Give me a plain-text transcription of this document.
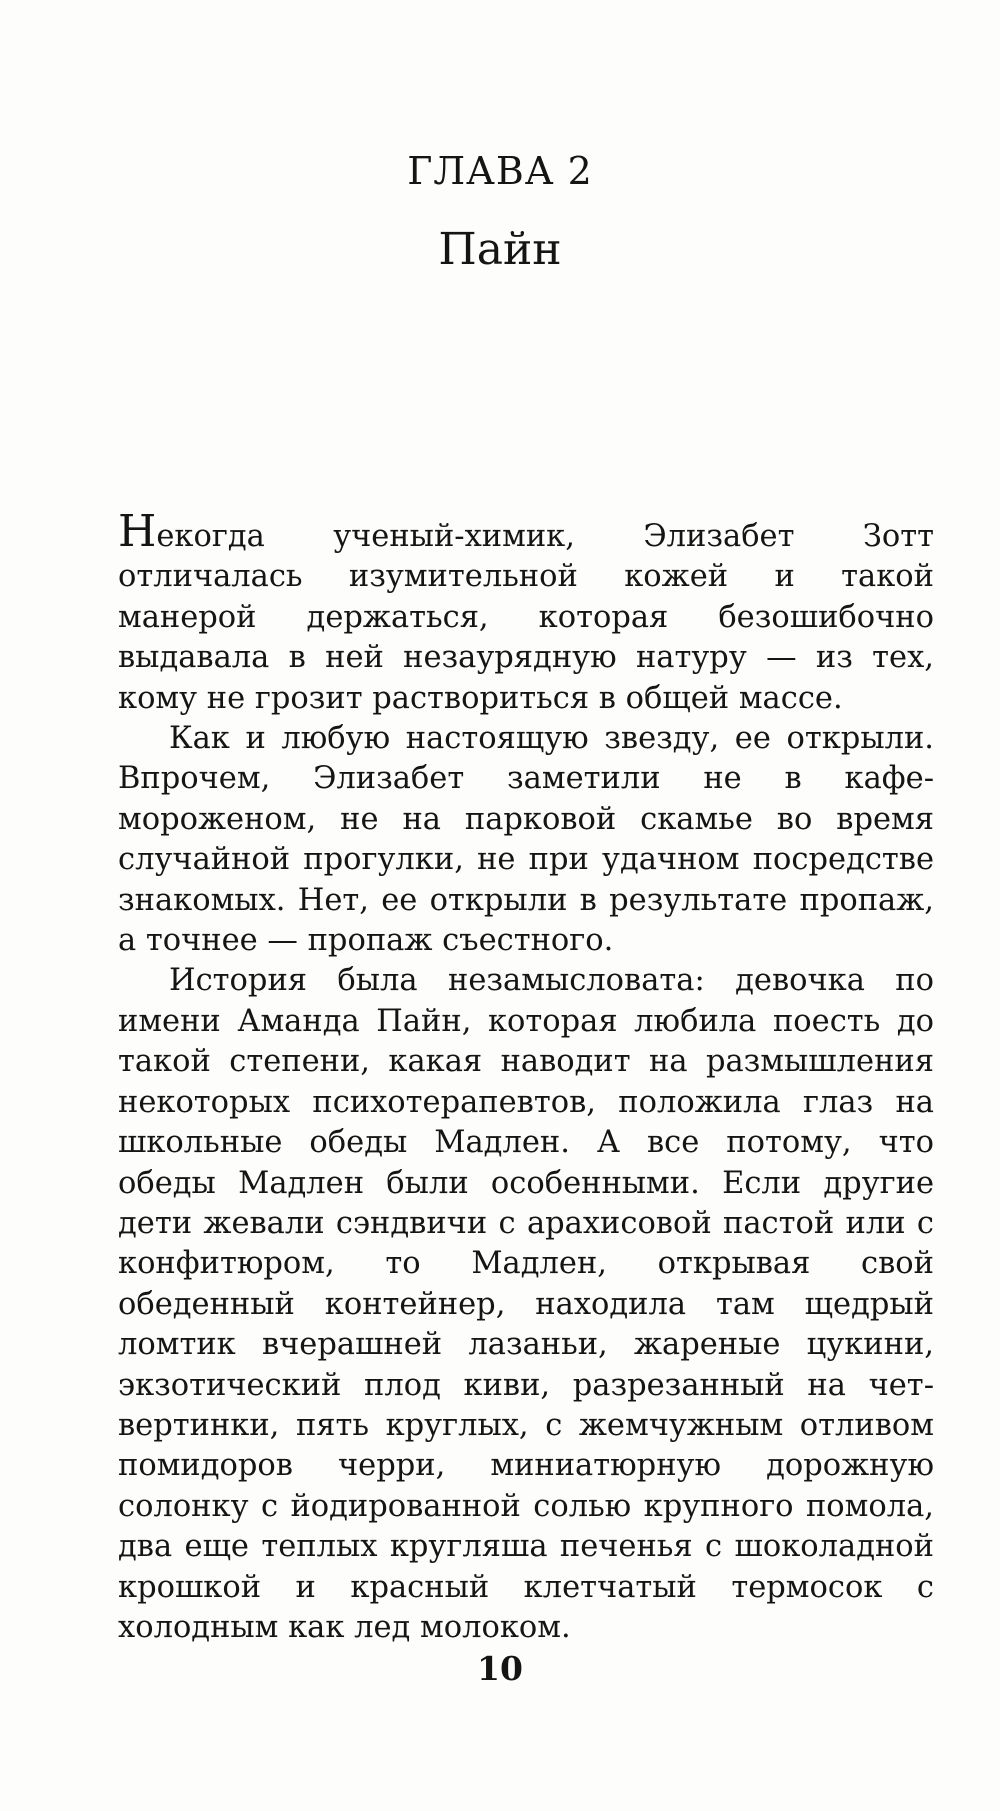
ГЛАВА 2
Пайн

Некогда ученый-химик, Элизабет Зотт отличалась изумительной кожей и такой манерой держаться, которая безошибочно выдавала в ней незаурядную натуру — из тех, кому не грозит раствориться в общей массе.

Как и любую настоящую звезду, ее открыли. Впрочем, Элизабет заметили не в кафе-мороженом, не на парковой скамье во время случайной прогулки, не при удачном посредстве знакомых. Нет, ее открыли в результате пропаж, а точнее — пропаж съестного.

История была незамысловата: девочка по имени Аманда Пайн, которая любила поесть до такой степени, какая наводит на размышления некоторых психотерапевтов, положила глаз на школьные обеды Мадлен. А все потому, что обеды Мадлен были особенными. Если другие дети жевали сэндвичи с арахисовой пастой или с конфитюром, то Мадлен, открывая свой обеденный контейнер, находила там щедрый ломтик вчерашней лазаньи, жареные цукини, экзотический плод киви, разрезанный на четвертинки, пять круглых, с жемчужным отливом помидоров черри, миниатюрную дорожную солонку с йодированной солью крупного помола, два еще теплых кругляша печенья с шоколадной крошкой и красный клетчатый термосок с холодным как лед молоком.

10
